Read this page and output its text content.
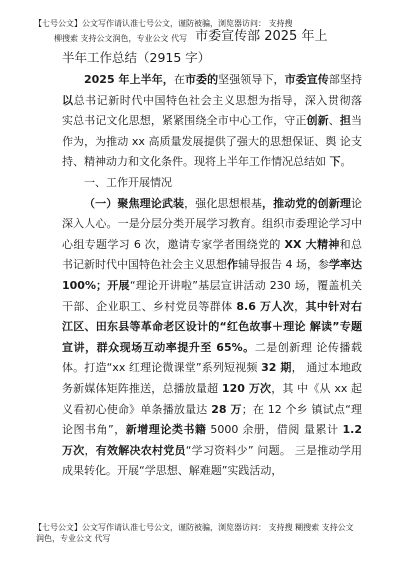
【七号公文】公文写作请认准七号公文，谨防被骗，浏览器访问： 支持搜
柳搜索 支持公文润色，专业公文 代写 市委宣传部 2025 年上
半年工作总结（2915 字）

2025 年上半年，在市委的坚强领导下，市委宣传部坚持 以总书记新时代中国特色社会主义思想为指导，深入贯彻落 实总书记文化思想，紧紧围绕全市中心工作，守正创新、担当作为，为推动 xx 高质量发展提供了强大的思想保证、舆 论支持、精神动力和文化条件。现将上半年工作情况总结如 下。

一、工作开展情况

（一）聚焦理论武装，强化思想根基，推动党的创新理论深入人心。一是分层分类开展学习教育。组织市委理论学习中心组专题学习 6 次，邀请专家学者围绕党的 XX 大精神和总书记新时代中国特色社会主义思想作辅导报告 4 场，参学率达 100%；开展“理论开讲啦”基层宣讲活动 230 场，覆盖机关干部、企业职工、乡村党员等群体 8.6 万人次，其中针对右江区、田东县等革命老区设计的“红色故事＋理论 解读”专题宣讲，群众现场互动率提升至 65%。二是创新理 论传播载体。打造“xx 红理论微课堂”系列短视频 32 期， 通过本地政务新媒体矩阵推送，总播放量超 120 万次，其 中《从 xx 起义看初心使命》单条播放量达 28 万；在 12 个乡 镇试点“理论图书角”，新增理论类书籍 5000 余册，借阅 量累计 1.2 万次，有效解决农村党员“学习资料少” 问题。 三是推动学用成果转化。开展“学思想、解难题”实践活动，

【七号公文】公文写作请认准七号公文，谨防被骗，浏览器访问： 支持搜 糊搜索 支持公文
润色，专业公文 代写
